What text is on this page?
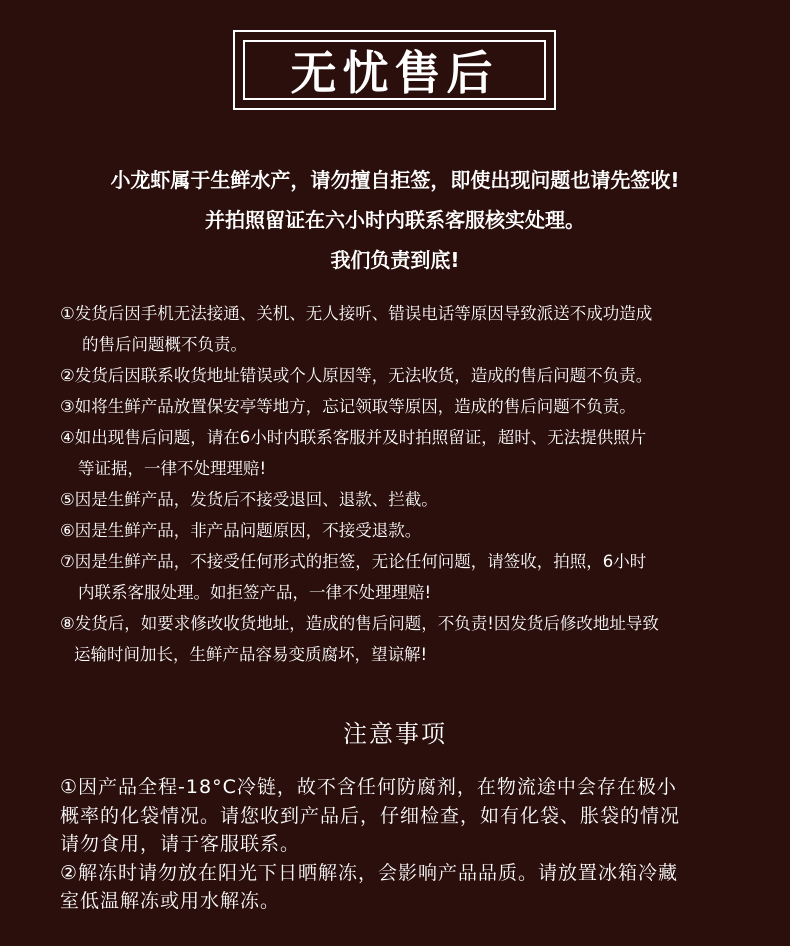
无忧售后
小龙虾属于生鲜水产，请勿擅自拒签，即使出现问题也请先签收!
并拍照留证在六小时内联系客服核实处理。
我们负责到底!
①发货后因手机无法接通、关机、无人接听、错误电话等原因导致派送不成功造成
的售后问题概不负责。
②发货后因联系收货地址错误或个人原因等，无法收货，造成的售后问题不负责。
③如将生鲜产品放置保安亭等地方，忘记领取等原因，造成的售后问题不负责。
④如出现售后问题，请在6小时内联系客服并及时拍照留证，超时、无法提供照片
等证据，一律不处理理赔!
⑤因是生鲜产品，发货后不接受退回、退款、拦截。
⑥因是生鲜产品，非产品问题原因，不接受退款。
⑦因是生鲜产品，不接受任何形式的拒签，无论任何问题，请签收，拍照，6小时
内联系客服处理。如拒签产品，一律不处理理赔!
⑧发货后，如要求修改收货地址，造成的售后问题，不负责!因发货后修改地址导致
运输时间加长，生鲜产品容易变质腐坏，望谅解!
注意事项
①因产品全程-18°C冷链，故不含任何防腐剂，在物流途中会存在极小
概率的化袋情况。请您收到产品后，仔细检查，如有化袋、胀袋的情况
请勿食用，请于客服联系。
②解冻时请勿放在阳光下日晒解冻，会影响产品品质。请放置冰箱冷藏
室低温解冻或用水解冻。
